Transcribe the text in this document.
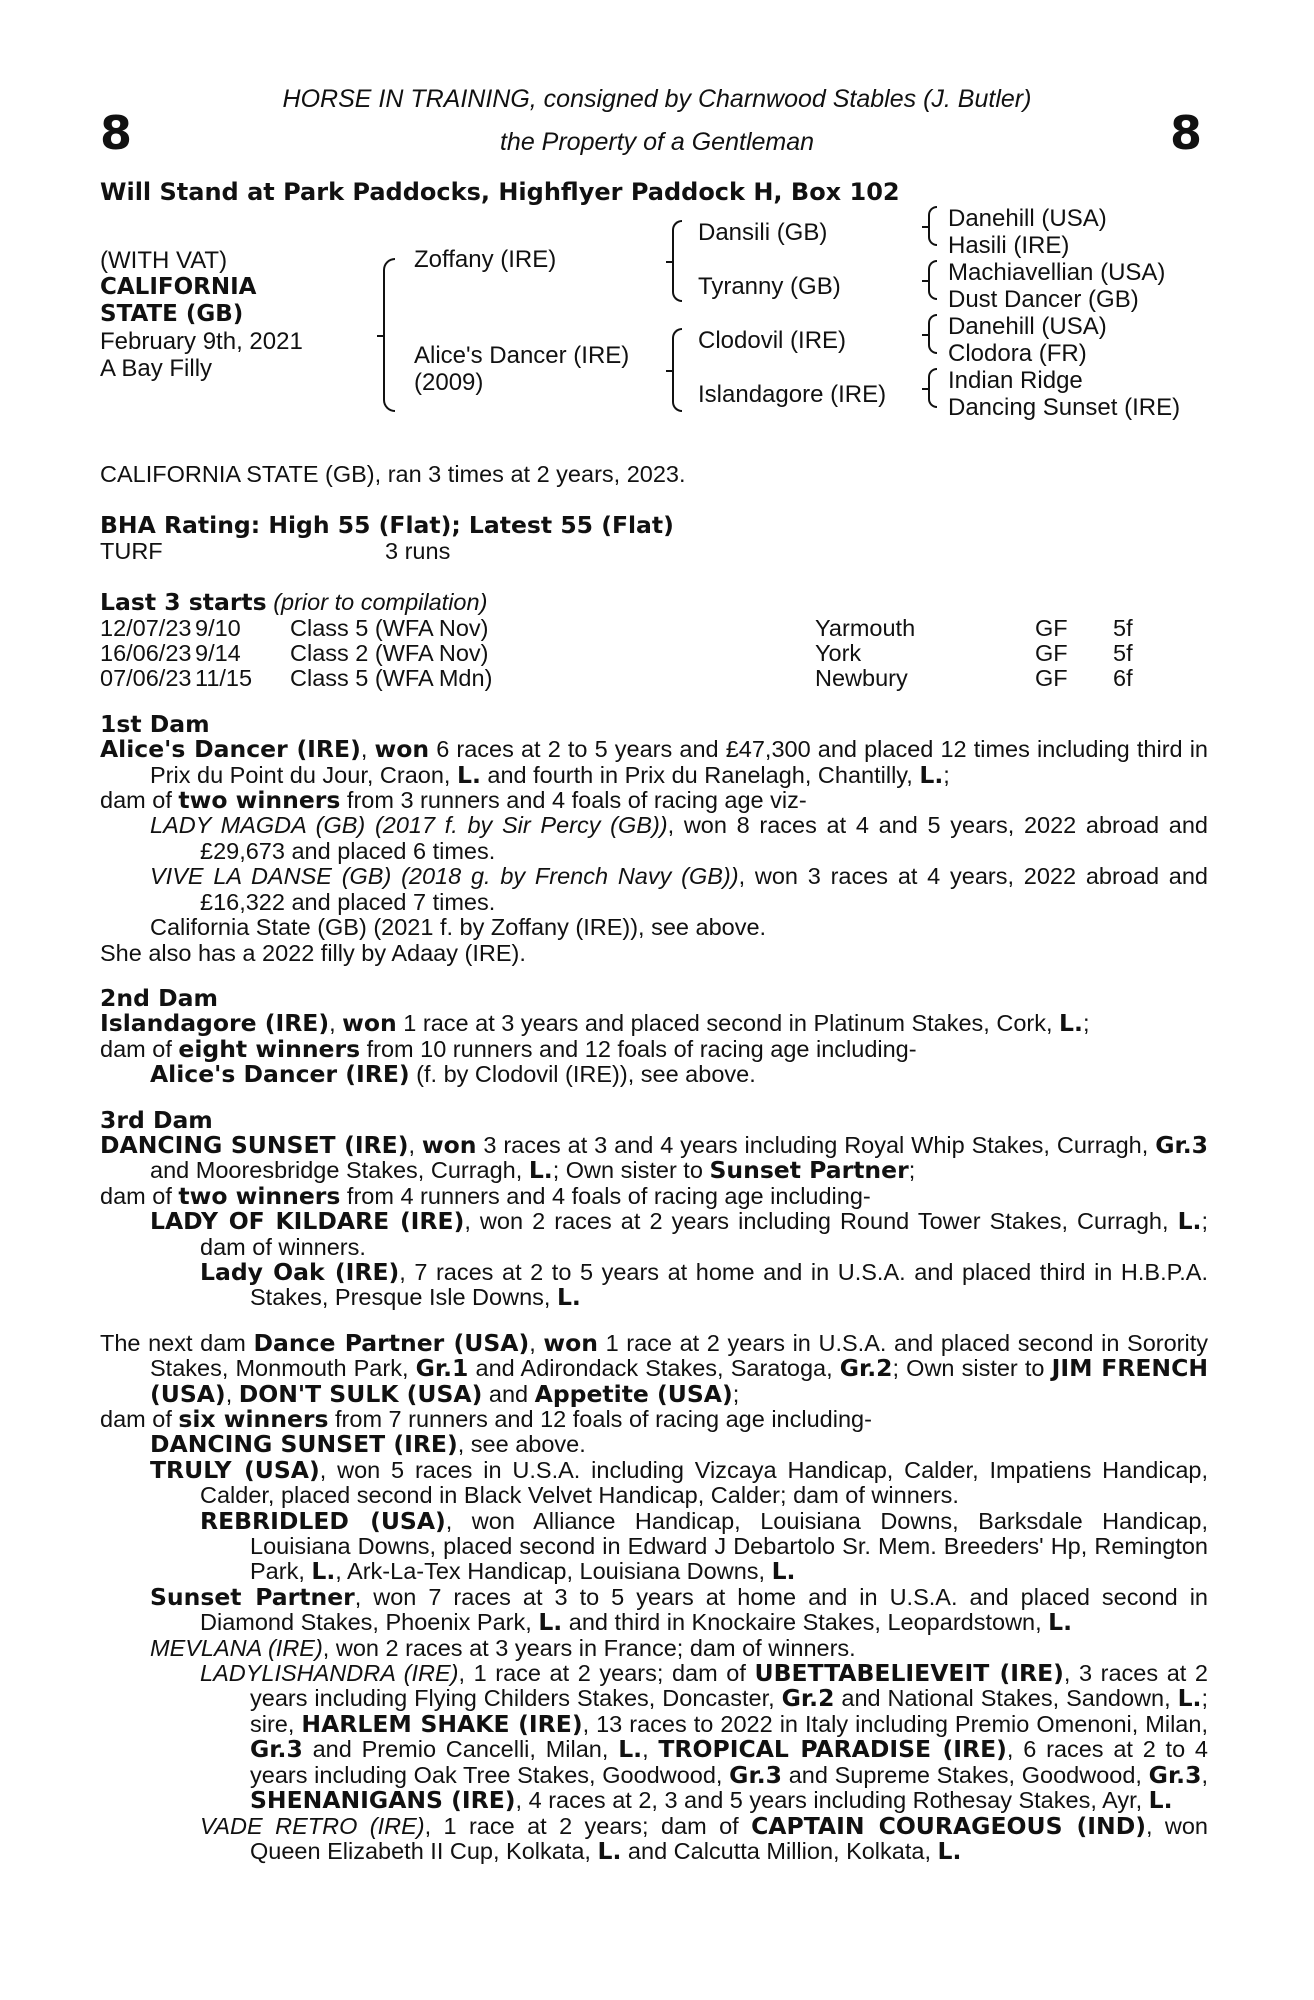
8	8
HORSE IN TRAINING, consigned by Charnwood Stables (J. Butler)
the Property of a Gentleman
Will Stand at Park Paddocks, Highflyer Paddock H, Box 102
(WITH VAT)
CALIFORNIA
STATE (GB)
February 9th, 2021
A Bay Filly
Zoffany (IRE)
Alice's Dancer (IRE)
(2009)
Dansili (GB)
Tyranny (GB)
Clodovil (IRE)
Islandagore (IRE)
Danehill (USA)
Hasili (IRE)
Machiavellian (USA)
Dust Dancer (GB)
Danehill (USA)
Clodora (FR)
Indian Ridge
Dancing Sunset (IRE)

CALIFORNIA STATE (GB), ran 3 times at 2 years, 2023.

BHA Rating: High 55 (Flat); Latest 55 (Flat)

TURF	3 runs

Last 3 starts (prior to compilation)

12/07/23 9/10	Class 5 (WFA Nov)	Yarmouth	GF	5f

16/06/23 9/14	Class 2 (WFA Nov)	York	GF	5f

07/06/23 11/15	Class 5 (WFA Mdn)	Newbury	GF	6f

1st Dam

Alice's Dancer (IRE), won 6 races at 2 to 5 years and £47,300 and placed 12 times including third in Prix du Point du Jour, Craon, L. and fourth in Prix du Ranelagh, Chantilly, L.;

dam of two winners from 3 runners and 4 foals of racing age viz-

LADY MAGDA (GB) (2017 f. by Sir Percy (GB)), won 8 races at 4 and 5 years, 2022 abroad and £29,673 and placed 6 times.

VIVE LA DANSE (GB) (2018 g. by French Navy (GB)), won 3 races at 4 years, 2022 abroad and £16,322 and placed 7 times.

California State (GB) (2021 f. by Zoffany (IRE)), see above.

She also has a 2022 filly by Adaay (IRE).

2nd Dam

Islandagore (IRE), won 1 race at 3 years and placed second in Platinum Stakes, Cork, L.;

dam of eight winners from 10 runners and 12 foals of racing age including-

Alice's Dancer (IRE) (f. by Clodovil (IRE)), see above.

3rd Dam

DANCING SUNSET (IRE), won 3 races at 3 and 4 years including Royal Whip Stakes, Curragh, Gr.3 and Mooresbridge Stakes, Curragh, L.; Own sister to Sunset Partner;

dam of two winners from 4 runners and 4 foals of racing age including-

LADY OF KILDARE (IRE), won 2 races at 2 years including Round Tower Stakes, Curragh, L.; dam of winners.

Lady Oak (IRE), 7 races at 2 to 5 years at home and in U.S.A. and placed third in H.B.P.A. Stakes, Presque Isle Downs, L.

The next dam Dance Partner (USA), won 1 race at 2 years in U.S.A. and placed second in Sorority Stakes, Monmouth Park, Gr.1 and Adirondack Stakes, Saratoga, Gr.2; Own sister to JIM FRENCH (USA), DON'T SULK (USA) and Appetite (USA);

dam of six winners from 7 runners and 12 foals of racing age including-

DANCING SUNSET (IRE), see above.

TRULY (USA), won 5 races in U.S.A. including Vizcaya Handicap, Calder, Impatiens Handicap, Calder, placed second in Black Velvet Handicap, Calder; dam of winners.

REBRIDLED (USA), won Alliance Handicap, Louisiana Downs, Barksdale Handicap, Louisiana Downs, placed second in Edward J Debartolo Sr. Mem. Breeders' Hp, Remington Park, L., Ark-La-Tex Handicap, Louisiana Downs, L.

Sunset Partner, won 7 races at 3 to 5 years at home and in U.S.A. and placed second in Diamond Stakes, Phoenix Park, L. and third in Knockaire Stakes, Leopardstown, L.

MEVLANA (IRE), won 2 races at 3 years in France; dam of winners.

LADYLISHANDRA (IRE), 1 race at 2 years; dam of UBETTABELIEVEIT (IRE), 3 races at 2 years including Flying Childers Stakes, Doncaster, Gr.2 and National Stakes, Sandown, L.; sire, HARLEM SHAKE (IRE), 13 races to 2022 in Italy including Premio Omenoni, Milan, Gr.3 and Premio Cancelli, Milan, L., TROPICAL PARADISE (IRE), 6 races at 2 to 4 years including Oak Tree Stakes, Goodwood, Gr.3 and Supreme Stakes, Goodwood, Gr.3, SHENANIGANS (IRE), 4 races at 2, 3 and 5 years including Rothesay Stakes, Ayr, L.

VADE RETRO (IRE), 1 race at 2 years; dam of CAPTAIN COURAGEOUS (IND), won Queen Elizabeth II Cup, Kolkata, L. and Calcutta Million, Kolkata, L.
